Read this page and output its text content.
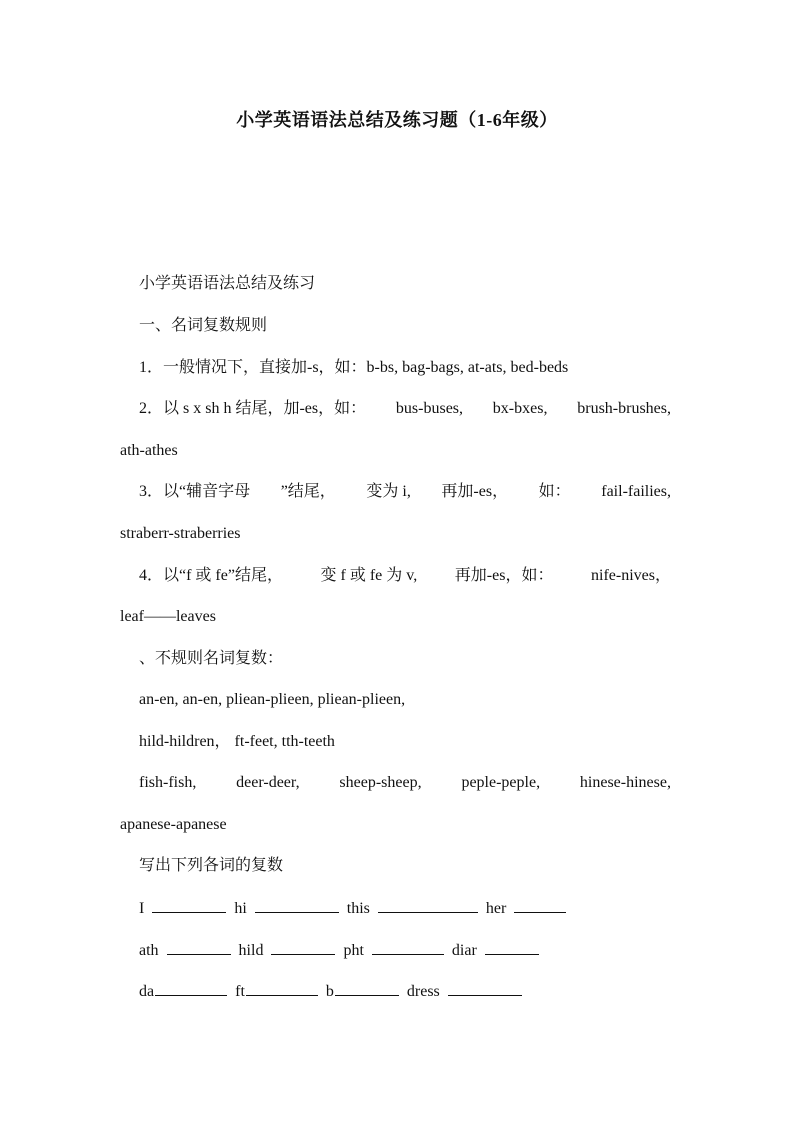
小学英语语法总结及练习题（1-6年级）
小学英语语法总结及练习
一、名词复数规则
1．一般情况下，直接加-s，如：b-bs, bag-bags, at-ats, bed-beds
2．以 s x sh h 结尾，加-es，如： bus-buses, bx-bxes, brush-brushes,
ath-athes
3．以“辅音字母 ”结尾， 变为 i, 再加-es， 如： fail-failies,
straberr-straberries
4．以“f 或 fe”结尾， 变 f 或 fe 为 v, 再加-es，如： nife-nives，
leaf——leaves
、不规则名词复数：
an-en, an-en, pliean-plieen, pliean-plieen,
hild-hildren， ft-feet, tth-teeth
fish-fish, deer-deer, sheep-sheep, peple-peple, hinese-hinese,
apanese-apanese
写出下列各词的复数
I	hi	this	her
ath	hild	pht	diar
da	ft	b	dress
